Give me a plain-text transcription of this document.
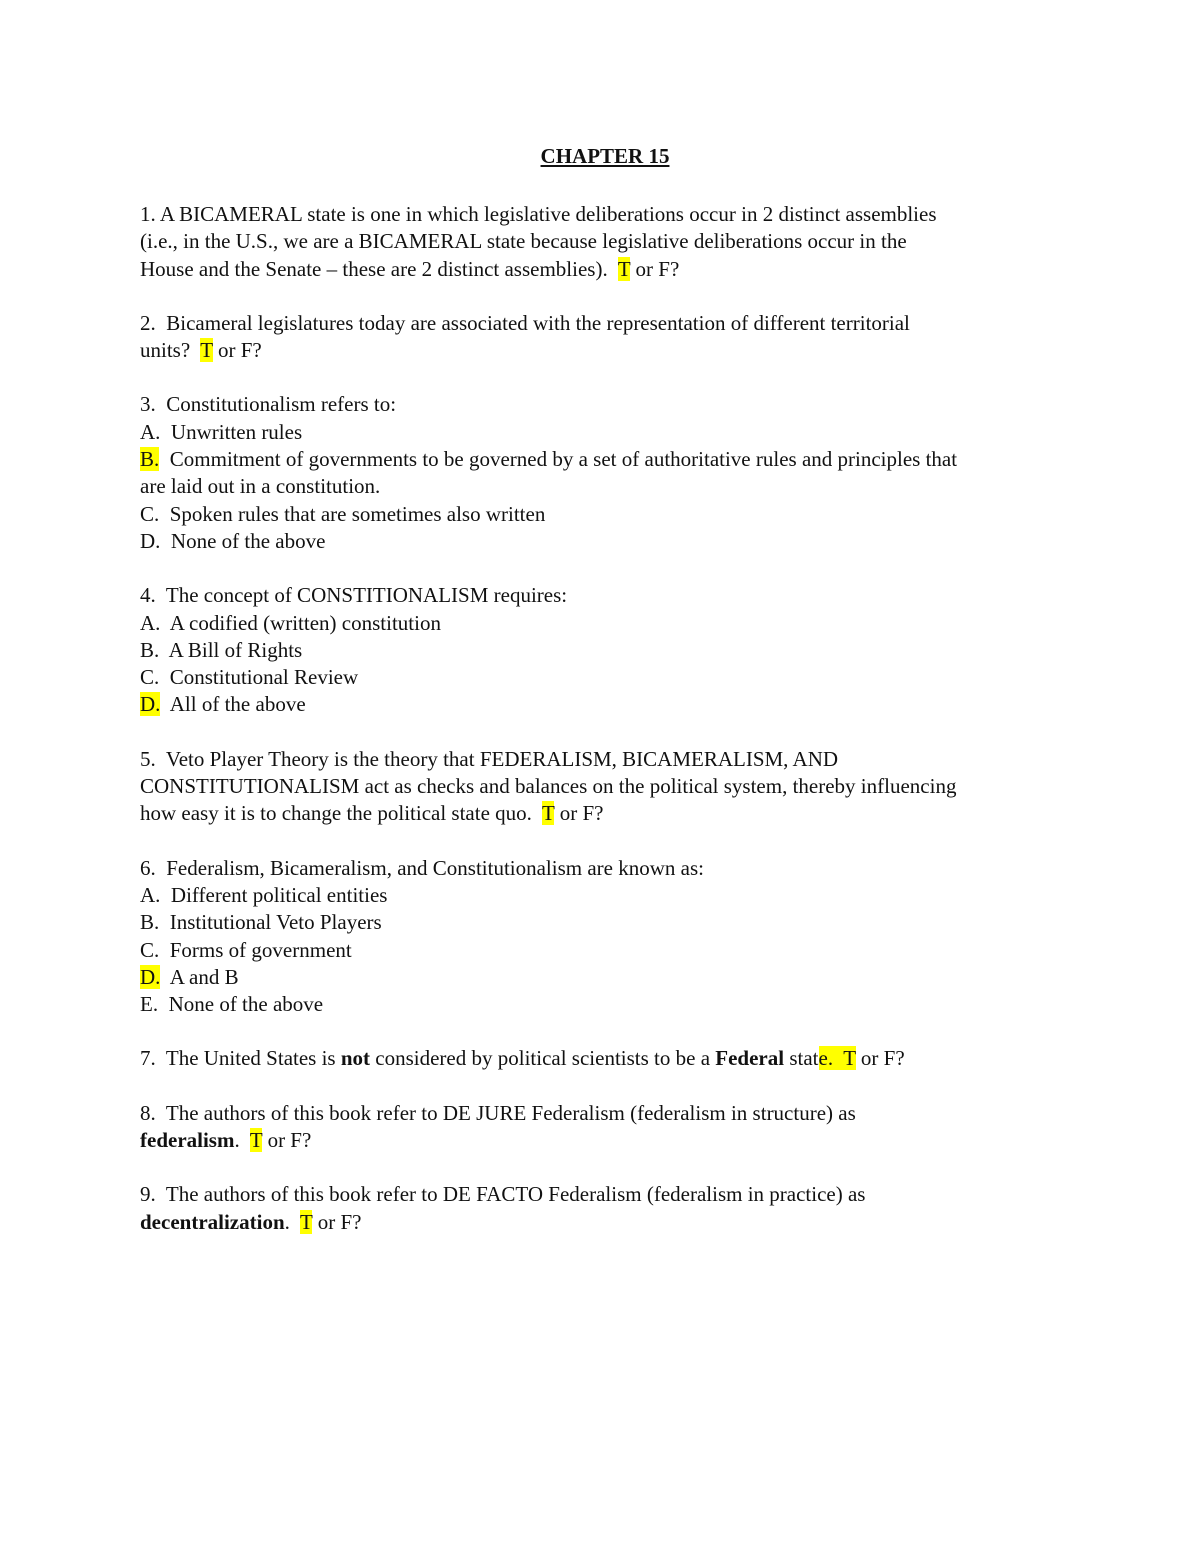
CHAPTER 15
1. A BICAMERAL state is one in which legislative deliberations occur in 2 distinct assemblies
(i.e., in the U.S., we are a BICAMERAL state because legislative deliberations occur in the
House and the Senate – these are 2 distinct assemblies).  T or F?
2.  Bicameral legislatures today are associated with the representation of different territorial
units?  T or F?
3.  Constitutionalism refers to:
A.  Unwritten rules
B.  Commitment of governments to be governed by a set of authoritative rules and principles that
are laid out in a constitution.
C.  Spoken rules that are sometimes also written
D.  None of the above
4.  The concept of CONSTITIONALISM requires:
A.  A codified (written) constitution
B.  A Bill of Rights
C.  Constitutional Review
D.  All of the above
5.  Veto Player Theory is the theory that FEDERALISM, BICAMERALISM, AND
CONSTITUTIONALISM act as checks and balances on the political system, thereby influencing
how easy it is to change the political state quo.  T or F?
6.  Federalism, Bicameralism, and Constitutionalism are known as:
A.  Different political entities
B.  Institutional Veto Players
C.  Forms of government
D.  A and B
E.  None of the above
7.  The United States is not considered by political scientists to be a Federal state.  T or F?
8.  The authors of this book refer to DE JURE Federalism (federalism in structure) as
federalism.  T or F?
9.  The authors of this book refer to DE FACTO Federalism (federalism in practice) as
decentralization.  T or F?
